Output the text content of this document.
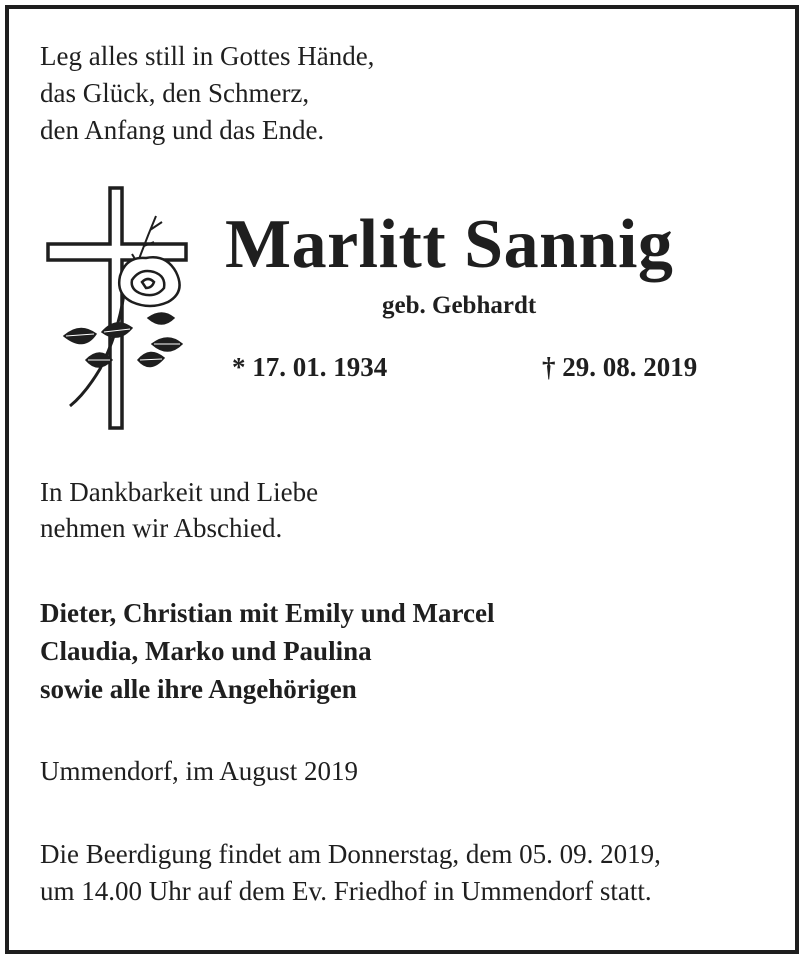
Leg alles still in Gottes Hände,
das Glück, den Schmerz,
den Anfang und das Ende.
Marlitt Sannig
geb. Gebhardt
* 17. 01. 1934	† 29. 08. 2019
In Dankbarkeit und Liebe
nehmen wir Abschied.
Dieter, Christian mit Emily und Marcel
Claudia, Marko und Paulina
sowie alle ihre Angehörigen
Ummendorf, im August 2019
Die Beerdigung findet am Donnerstag, dem 05. 09. 2019,
um 14.00 Uhr auf dem Ev. Friedhof in Ummendorf statt.
